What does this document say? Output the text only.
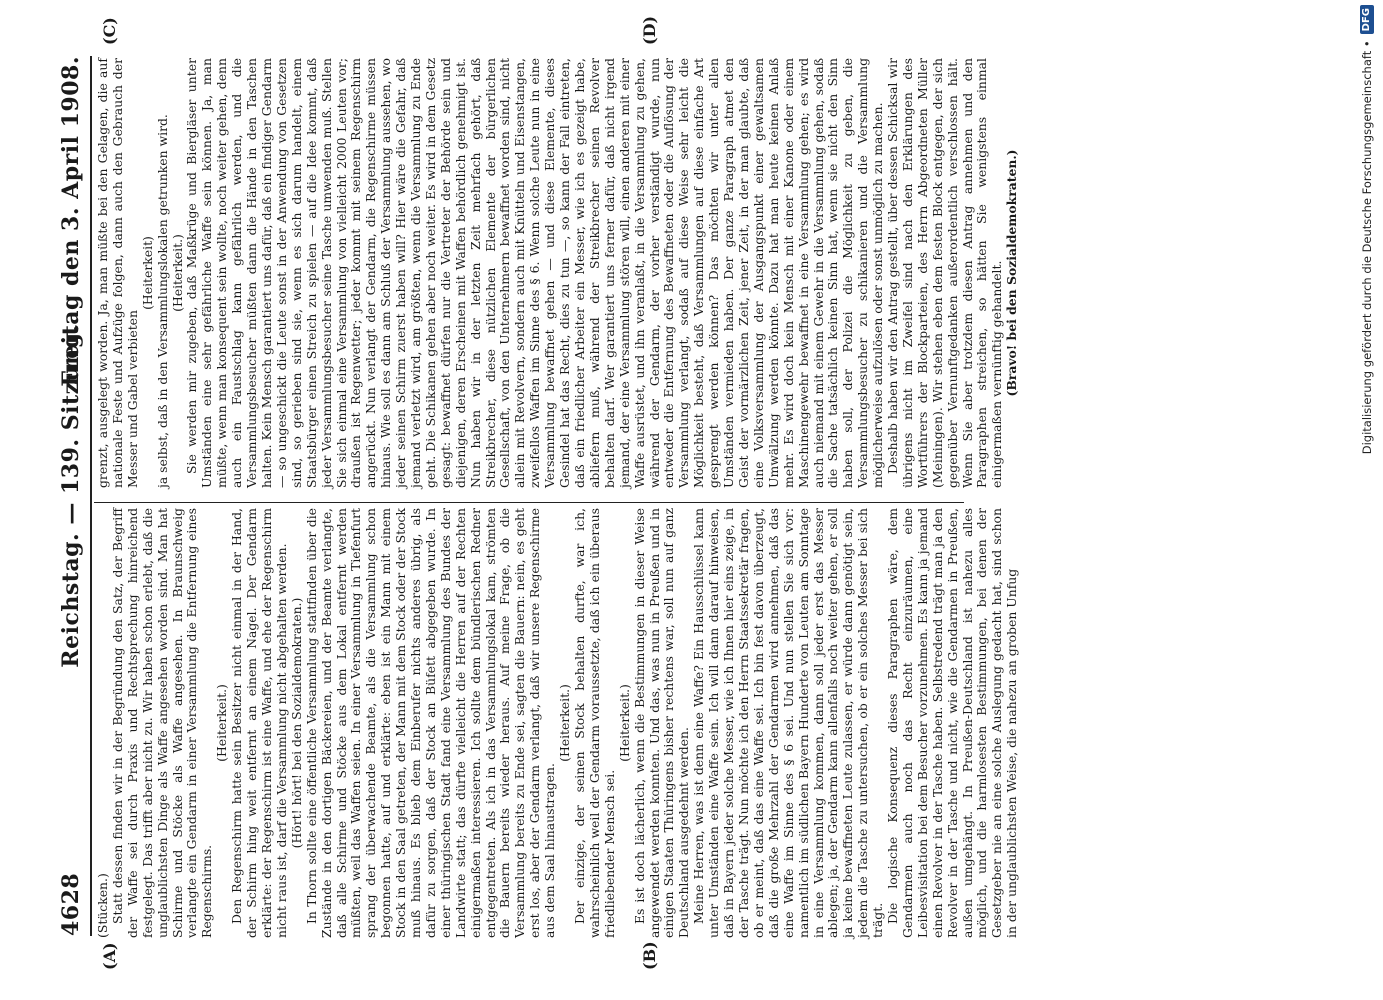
4628
Reichstag. — 139. Sitzung.
Freitag den 3. April 1908.
(A)	(B)
(C)	(D)

(Stücken.) Statt dessen finden wir in der Begründung den Satz, der Begriff der Waffe sei durch Praxis und Rechtsprechung hinreichend festgelegt. Das trifft aber nicht zu. Wir haben schon erlebt, daß die unglaublichsten Dinge als Waffe angesehen worden sind. Man hat Schirme und Stöcke als Waffe angesehen. In Braunschweig verlangte ein Gendarm in einer Versammlung die Entfernung eines Regenschirms.

(Heiterkeit.) Den Regenschirm hatte sein Besitzer nicht einmal in der Hand, der Schirm hing weit entfernt an einem Nagel. Der Gendarm erklärte: der Regenschirm ist eine Waffe, und ehe der Regenschirm nicht raus ist, darf die Versammlung nicht abgehalten werden. (Hört! hört! bei den Sozialdemokraten.) In Thorn sollte eine öffentliche Versammlung stattfinden über die Zustände in den dortigen Bäckereien, und der Beamte verlangte, daß alle Schirme und Stöcke aus dem Lokal entfernt werden müßten, weil das Waffen seien. In einer Versammlung in Tiefenfurt sprang der überwachende Beamte, als die Versammlung schon begonnen hatte, auf und erklärte: eben ist ein Mann mit einem Stock in den Saal getreten, der Mann mit dem Stock oder der Stock muß hinaus. Es blieb dem Einberufer nichts anderes übrig, als dafür zu sorgen, daß der Stock an Büfett abgegeben wurde. In einer thüringischen Stadt fand eine Versammlung des Bundes der Landwirte statt; das dürfte vielleicht die Herren auf der Rechten einigermaßen interessieren. Ich sollte dem bündlerischen Redner entgegentreten. Als ich in das Versammlungslokal kam, strömten die Bauern bereits wieder heraus. Auf meine Frage, ob die Versammlung bereits zu Ende sei, sagten die Bauern: nein, es geht erst los, aber der Gendarm verlangt, daß wir unsere Regenschirme aus dem Saal hinaustragen.

(Heiterkeit.) Der einzige, der seinen Stock behalten durfte, war ich, wahrscheinlich weil der Gendarm voraussetzte, daß ich ein überaus friedliebender Mensch sei.

(Heiterkeit.) Es ist doch lächerlich, wenn die Bestimmungen in dieser Weise angewendet werden konnten. Und das, was nun in Preußen und in einigen Staaten Thüringens bisher rechtens war, soll nun auf ganz Deutschland ausgedehnt werden. Meine Herren, was ist denn eine Waffe? Ein Hausschlüssel kann unter Umständen eine Waffe sein. Ich will dann darauf hinweisen, daß in Bayern jeder solche Messer, wie ich Ihnen hier eins zeige, in der Tasche trägt. Nun möchte ich den Herrn Staatssekretär fragen, ob er meint, daß das eine Waffe sei. Ich bin fest davon überzeugt, daß die große Mehrzahl der Gendarmen wird annehmen, daß das eine Waffe im Sinne des § 6 sei. Und nun stellen Sie sich vor: namentlich im südlichen Bayern Hunderte von Leuten am Sonntage in eine Versammlung kommen, dann soll jeder erst das Messer ablegen; ja, der Gendarm kann allenfalls noch weiter gehen, er soll ja keine bewaffneten Leute zulassen, er würde dann genötigt sein, jedem die Tasche zu untersuchen, ob er ein solches Messer bei sich trägt. Die logische Konsequenz dieses Paragraphen wäre, dem Gendarmen auch noch das Recht einzuräumen, eine Leibesvisitation bei dem Besucher vorzunehmen. Es kann ja jemand einen Revolver in der Tasche haben. Selbstredend trägt man ja den Revolver in der Tasche und nicht, wie die Gendarmen in Preußen, außen umgehängt. In Preußen-Deutschland ist nahezu alles möglich, und die harmlosesten Bestimmungen, bei denen der Gesetzgeber nie an eine solche Auslegung gedacht hat, sind schon in der unglaublichsten Weise, die nahezu an groben Unfug

grenzt, ausgelegt worden. Ja, man müßte bei den Gelagen, die auf nationale Feste und Aufzüge folgen, dann auch den Gebrauch der Messer und Gabel verbieten

(Heiterkeit) ja selbst, daß in den Versammlungslokalen getrunken wird. (Heiterkeit.) Sie werden mir zugeben, daß Maßkrüge und Biergläser unter Umständen eine sehr gefährliche Waffe sein können. Ja, man müßte, wenn man konsequent sein wollte, noch weiter gehen, denn auch ein Faustschlag kann gefährlich werden, und die Versammlungsbesucher müßten dann die Hände in den Taschen halten. Kein Mensch garantiert uns dafür, daß ein findiger Gendarm — so ungeschickt die Leute sonst in der Anwendung von Gesetzen sind, so gerieben sind sie, wenn es sich darum handelt, einem Staatsbürger einen Streich zu spielen — auf die Idee kommt, daß jeder Versammlungsbesucher seine Tasche umwenden muß. Stellen Sie sich einmal eine Versammlung von vielleicht 2000 Leuten vor; draußen ist Regenwetter; jeder kommt mit seinem Regenschirm angerückt. Nun verlangt der Gendarm, die Regenschirme müssen hinaus. Wie soll es dann am Schluß der Versammlung aussehen, wo jeder seinen Schirm zuerst haben will? Hier wäre die Gefahr, daß jemand verletzt wird, am größten, wenn die Versammlung zu Ende geht. Die Schikanen gehen aber noch weiter. Es wird in dem Gesetz gesagt: bewaffnet dürfen nur die Vertreter der Behörde sein und diejenigen, deren Erscheinen mit Waffen behördlich genehmigt ist. Nun haben wir in der letzten Zeit mehrfach gehört, daß Streikbrecher, diese nützlichen Elemente der bürgerlichen Gesellschaft, von den Unternehmern bewaffnet worden sind, nicht allein mit Revolvern, sondern auch mit Knütteln und Eisenstangen, zweifellos Waffen im Sinne des § 6. Wenn solche Leute nun in eine Versammlung bewaffnet gehen — und diese Elemente, dieses Gesindel hat das Recht, dies zu tun —, so kann der Fall eintreten, daß ein friedlicher Arbeiter ein Messer, wie ich es gezeigt habe, abliefern muß, während der Streikbrecher seinen Revolver behalten darf. Wer garantiert uns ferner dafür, daß nicht irgend jemand, der eine Versammlung stören will, einen anderen mit einer Waffe ausrüstet, und ihn veranlaßt, in die Versammlung zu gehen, während der Gendarm, der vorher verständigt wurde, nun entweder die Entfernung des Bewaffneten oder die Auflösung der Versammlung verlangt, sodaß auf diese Weise sehr leicht die Möglichkeit besteht, daß Versammlungen auf diese einfache Art gesprengt werden können? Das möchten wir unter allen Umständen vermieden haben. Der ganze Paragraph atmet den Geist der vormärzlichen Zeit, jener Zeit, in der man glaubte, daß eine Volksversammlung der Ausgangspunkt einer gewaltsamen Umwälzung werden könnte. Dazu hat man heute keinen Anlaß mehr. Es wird doch kein Mensch mit einer Kanone oder einem Maschinengewehr bewaffnet in eine Versammlung gehen; es wird auch niemand mit einem Gewehr in die Versammlung gehen, sodaß die Sache tatsächlich keinen Sinn hat, wenn sie nicht den Sinn haben soll, der Polizei die Möglichkeit zu geben, die Versammlungsbesucher zu schikanieren und die Versammlung möglicherweise aufzulösen oder sonst unmöglich zu machen. Deshalb haben wir den Antrag gestellt, über dessen Schicksal wir übrigens nicht im Zweifel sind nach den Erklärungen des Wortführers der Blockparteien, des Herrn Abgeordneten Müller (Meiningen). Wir stehen eben dem festen Block entgegen, der sich gegenüber Vernunftgedanken außerordentlich verschlossen hält. Wenn Sie aber trotzdem diesen Antrag annehmen und den Paragraphen streichen, so hätten Sie wenigstens einmal einigermaßen vernünftig gehandelt. (Bravo! bei den Sozialdemokraten.)	Digitalisierung gefördert durch die Deutsche Forschungsgemeinschaft •
DFG
